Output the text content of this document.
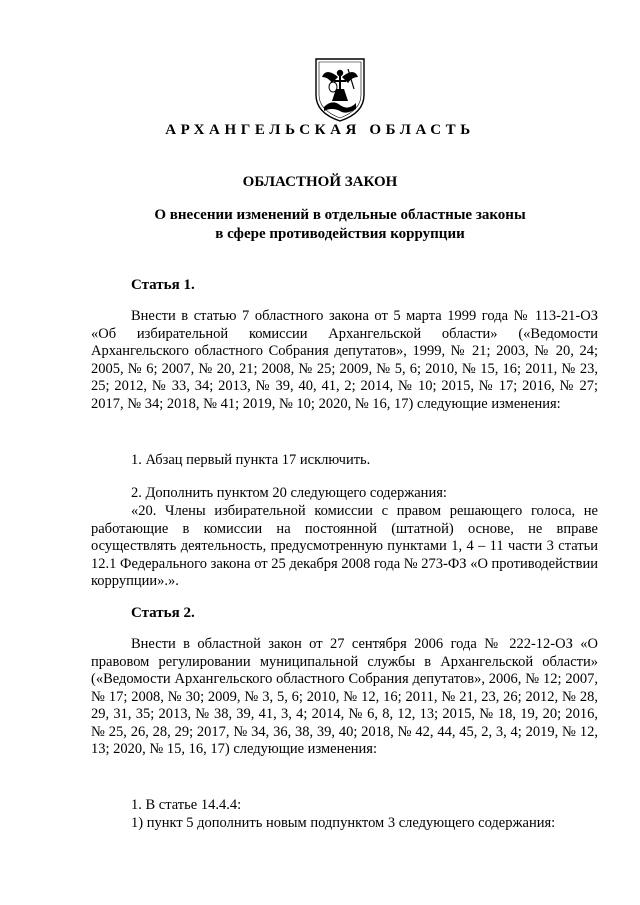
АРХАНГЕЛЬСКАЯ ОБЛАСТЬ
ОБЛАСТНОЙ ЗАКОН
О внесении изменений в отдельные областные законы
в сфере противодействия коррупции
Статья 1.

Внести в статью 7 областного закона от 5 марта 1999 года № 113-21-ОЗ «Об избирательной комиссии Архангельской области» («Ведомости Архангельского областного Собрания депутатов», 1999, № 21; 2003, № 20, 24; 2005, № 6; 2007, № 20, 21; 2008, № 25; 2009, № 5, 6; 2010, № 15, 16; 2011, № 23, 25; 2012, № 33, 34; 2013, № 39, 40, 41, 2; 2014, № 10; 2015, № 17; 2016, № 27; 2017, № 34; 2018, № 41; 2019, № 10; 2020, № 16, 17) следующие изменения:

1. Абзац первый пункта 17 исключить.

2. Дополнить пунктом 20 следующего содержания:

«20. Члены избирательной комиссии с правом решающего голоса, не работающие в комиссии на постоянной (штатной) основе, не вправе осуществлять деятельность, предусмотренную пунктами 1, 4 – 11 части 3 статьи 12.1 Федерального закона от 25 декабря 2008 года № 273-ФЗ «О противодействии коррупции».».

Статья 2.

Внести в областной закон от 27 сентября 2006 года № 222-12-ОЗ «О правовом регулировании муниципальной службы в Архангельской области» («Ведомости Архангельского областного Собрания депутатов», 2006, № 12; 2007, № 17; 2008, № 30; 2009, № 3, 5, 6; 2010, № 12, 16; 2011, № 21, 23, 26; 2012, № 28, 29, 31, 35; 2013, № 38, 39, 41, 3, 4; 2014, № 6, 8, 12, 13; 2015, № 18, 19, 20; 2016, № 25, 26, 28, 29; 2017, № 34, 36, 38, 39, 40; 2018, № 42, 44, 45, 2, 3, 4; 2019, № 12, 13; 2020, № 15, 16, 17) следующие изменения:

1. В статье 14.4.4:

1) пункт 5 дополнить новым подпунктом 3 следующего содержания:
